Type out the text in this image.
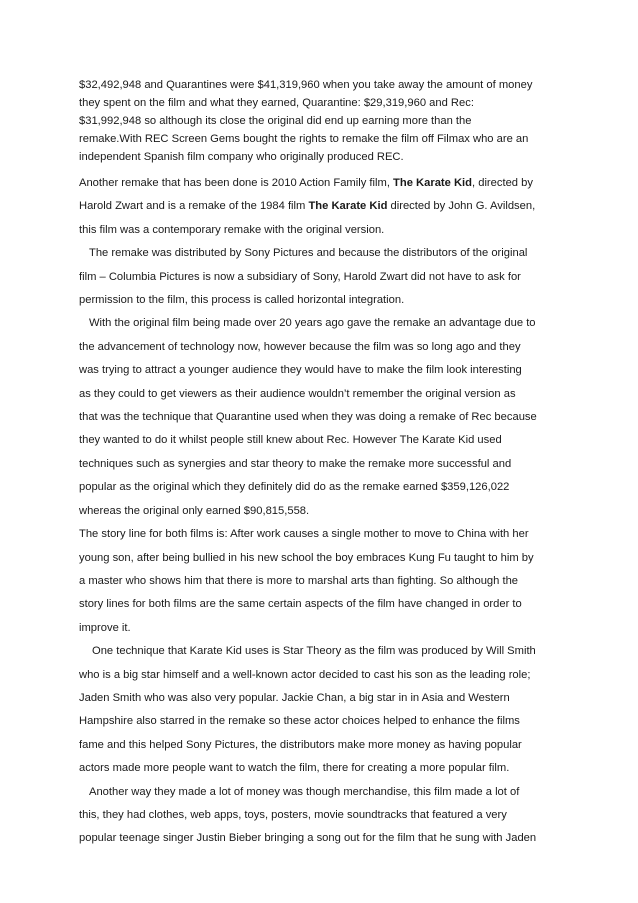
$32,492,948 and Quarantines were $41,319,960 when you take away the amount of money
they spent on the film and what they earned, Quarantine: $29,319,960 and Rec:
$31,992,948 so although its close the original did end up earning more than the
remake.With REC Screen Gems bought the rights to remake the film off Filmax who are an
independent Spanish film company who originally produced REC.

Another remake that has been done is 2010 Action Family film, The Karate Kid, directed by
Harold Zwart and is a remake of the 1984 film The Karate Kid directed by John G. Avildsen,
this film was a contemporary remake with the original version.

The remake was distributed by Sony Pictures and because the distributors of the original
film – Columbia Pictures is now a subsidiary of Sony, Harold Zwart did not have to ask for
permission to the film, this process is called horizontal integration.

With the original film being made over 20 years ago gave the remake an advantage due to
the advancement of technology now, however because the film was so long ago and they
was trying to attract a younger audience they would have to make the film look interesting
as they could to get viewers as their audience wouldn’t remember the original version as
that was the technique that Quarantine used when they was doing a remake of Rec because
they wanted to do it whilst people still knew about Rec. However The Karate Kid used
techniques such as synergies and star theory to make the remake more successful and
popular as the original which they definitely did do as the remake earned $359,126,022
whereas the original only earned $90,815,558.

The story line for both films is: After work causes a single mother to move to China with her
young son, after being bullied in his new school the boy embraces Kung Fu taught to him by
a master who shows him that there is more to marshal arts than fighting. So although the
story lines for both films are the same certain aspects of the film have changed in order to
improve it.

One technique that Karate Kid uses is Star Theory as the film was produced by Will Smith
who is a big star himself and a well-known actor decided to cast his son as the leading role;
Jaden Smith who was also very popular. Jackie Chan, a big star in in Asia and Western
Hampshire also starred in the remake so these actor choices helped to enhance the films
fame and this helped Sony Pictures, the distributors make more money as having popular
actors made more people want to watch the film, there for creating a more popular film.

Another way they made a lot of money was though merchandise, this film made a lot of
this, they had clothes, web apps, toys, posters, movie soundtracks that featured a very
popular teenage singer Justin Bieber bringing a song out for the film that he sung with Jaden
